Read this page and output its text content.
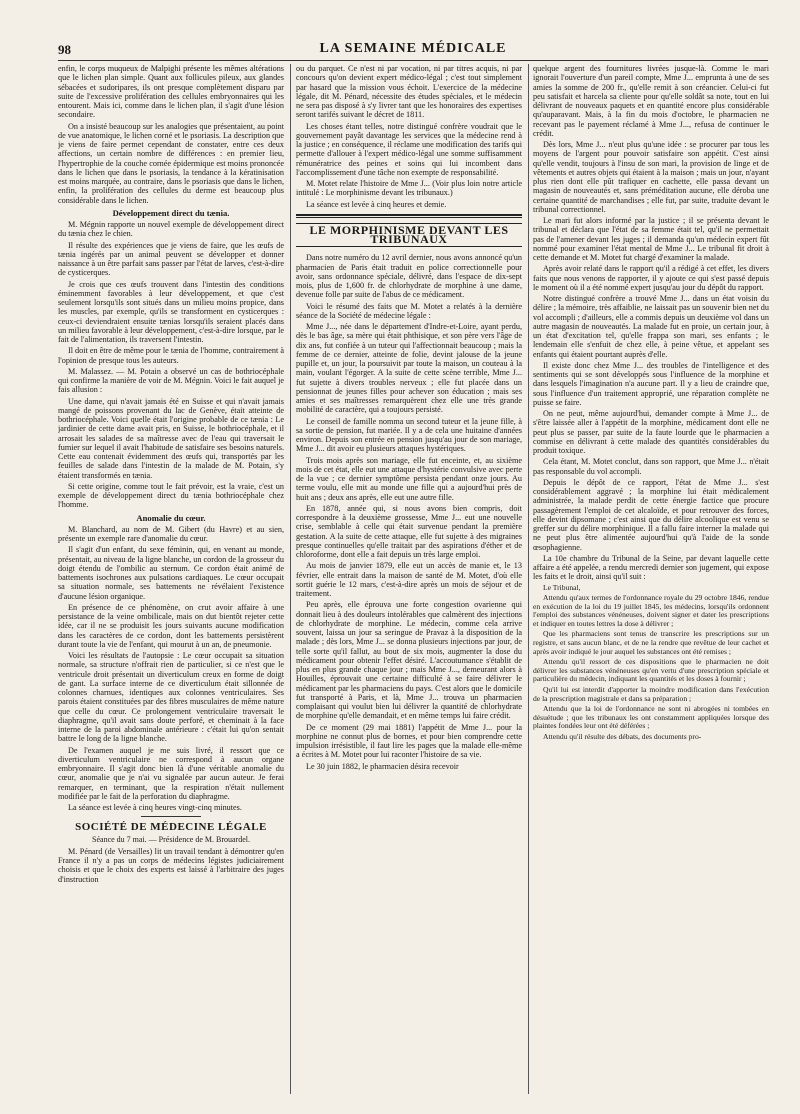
98	LA SEMAINE MÉDICALE

enfin, le corps muqueux de Malpighi présente les mêmes altérations que le lichen plan simple. Quant aux follicules pileux, aux glandes sébacées et sudoripares, ils ont presque complètement disparu par suite de l'excessive prolifération des cellules embryonnaires qui les entourent. Mais ici, comme dans le lichen plan, il s'agit d'une lésion secondaire.

On a insisté beaucoup sur les analogies que présentaient, au point de vue anatomique, le lichen corné et le psoriasis. La description que je viens de faire permet cependant de constater, entre ces deux affections, un certain nombre de différences : en premier lieu, l'hypertrophie de la couche cornée épidermique est moins prononcée dans le lichen que dans le psoriasis, la tendance à la kératinisation est moins marquée, au contraire, dans le psoriasis que dans le lichen, enfin, la prolifération des cellules du derme est beaucoup plus considérable dans le lichen.

Développement direct du tænia.

M. Mégnin rapporte un nouvel exemple de développement direct du tænia chez le chien.

Il résulte des expériences que je viens de faire, que les œufs de tænia ingérés par un animal peuvent se développer et donner naissance à un être parfait sans passer par l'état de larves, c'est-à-dire de cysticerques.

Je crois que ces œufs trouvent dans l'intestin des conditions éminemment favorables à leur développement, et que c'est seulement lorsqu'ils sont situés dans un milieu moins propice, dans les muscles, par exemple, qu'ils se transforment en cysticerques : ceux-ci deviendraient ensuite tænias lorsqu'ils seraient placés dans un milieu favorable à leur développement, c'est-à-dire lorsque, par le fait de l'alimentation, ils traversent l'intestin.

Il doit en être de même pour le tænia de l'homme, contrairement à l'opinion de presque tous les auteurs.

M. Malassez. — M. Potain a observé un cas de bothriocéphale qui confirme la manière de voir de M. Mégnin. Voici le fait auquel je fais allusion :

Une dame, qui n'avait jamais été en Suisse et qui n'avait jamais mangé de poissons provenant du lac de Genève, était atteinte de bothriocéphale. Voici quelle était l'origine probable de ce tænia : Le jardinier de cette dame avait pris, en Suisse, le bothriocéphale, et il arrosait les salades de sa maîtresse avec de l'eau qui traversait le fumier sur lequel il avait l'habitude de satisfaire ses besoins naturels. Cette eau contenait évidemment des œufs qui, transportés par les feuilles de salade dans l'intestin de la malade de M. Potain, s'y étaient transformés en tænia.

Si cette origine, comme tout le fait prévoir, est la vraie, c'est un exemple de développement direct du tænia bothriocéphale chez l'homme.

Anomalie du cœur.

M. Blanchard, au nom de M. Gibert (du Havre) et au sien, présente un exemple rare d'anomalie du cœur.

Il s'agit d'un enfant, du sexe féminin, qui, en venant au monde, présentait, au niveau de la ligne blanche, un cordon de la grosseur du doigt étendu de l'ombilic au sternum. Ce cordon était animé de battements isochrones aux pulsations cardiaques. Le cœur occupait sa situation normale, ses battements ne révélaient l'existence d'aucune lésion organique.

En présence de ce phénomène, on crut avoir affaire à une persistance de la veine ombilicale, mais on dut bientôt rejeter cette idée, car il ne se produisit les jours suivants aucune modification dans les caractères de ce cordon, dont les battements persistèrent durant toute la vie de l'enfant, qui mourut à un an, de pneumonie.

Voici les résultats de l'autopsie : Le cœur occupait sa situation normale, sa structure n'offrait rien de particulier, si ce n'est que le ventricule droit présentait un diverticulum creux en forme de doigt de gant. La surface interne de ce diverticulum était sillonnée de colonnes charnues, identiques aux colonnes ventriculaires. Ses parois étaient constituées par des fibres musculaires de même nature que celle du cœur. Ce prolongement ventriculaire traversait le diaphragme, qu'il avait sans doute perforé, et cheminait à la face interne de la paroi abdominale antérieure : c'était lui qu'on sentait battre le long de la ligne blanche.

De l'examen auquel je me suis livré, il ressort que ce diverticulum ventriculaire ne correspond à aucun organe embryonnaire. Il s'agit donc bien là d'une véritable anomalie du cœur, anomalie que je n'ai vu signalée par aucun auteur. Je ferai remarquer, en terminant, que la respiration n'était nullement modifiée par le fait de la perforation du diaphragme.

La séance est levée à cinq heures vingt-cinq minutes.

SOCIÉTÉ DE MÉDECINE LÉGALE
Séance du 7 mai. — Présidence de M. Brouardel.

M. Pénard (de Versailles) lit un travail tendant à démontrer qu'en France il n'y a pas un corps de médecins légistes judiciairement choisis et que le choix des experts est laissé à l'arbitraire des juges d'instruction

ou du parquet. Ce n'est ni par vocation, ni par titres acquis, ni par concours qu'on devient expert médico-légal ; c'est tout simplement par hasard que la mission vous échoit. L'exercice de la médecine légale, dit M. Pénard, nécessite des études spéciales, et le médecin ne sera pas disposé à s'y livrer tant que les honoraires des expertises seront tarifés suivant le décret de 1811.

Les choses étant telles, notre distingué confrère voudrait que le gouvernement payât davantage les services que la médecine rend à la justice ; en conséquence, il réclame une modification des tarifs qui permette d'allouer à l'expert médico-légal une somme suffisamment rémunératrice des peines et soins qui lui incombent dans l'accomplissement d'une tâche non exempte de responsabilité.

M. Motet relate l'histoire de Mme J... (Voir plus loin notre article intitulé : Le morphinisme devant les tribunaux.)

La séance est levée à cinq heures et demie.

LE MORPHINISME DEVANT LES TRIBUNAUX

Dans notre numéro du 12 avril dernier, nous avons annoncé qu'un pharmacien de Paris était traduit en police correctionnelle pour avoir, sans ordonnance spéciale, délivré, dans l'espace de dix-sept mois, plus de 1,600 fr. de chlorhydrate de morphine à une dame, devenue folle par suite de l'abus de ce médicament.

Voici le résumé des faits que M. Motet a relatés à la dernière séance de la Société de médecine légale :

Mme J..., née dans le département d'Indre-et-Loire, ayant perdu, dès le bas âge, sa mère qui était phthisique, et son père vers l'âge de dix ans, fut confiée à un tuteur qui l'affectionnait beaucoup ; mais la femme de ce dernier, atteinte de folie, devint jalouse de la jeune pupille et, un jour, la poursuivit par toute la maison, un couteau à la main, voulant l'égorger. A la suite de cette scène terrible, Mme J... fut sujette à divers troubles nerveux ; elle fut placée dans un pensionnat de jeunes filles pour achever son éducation ; mais ses amies et ses maîtresses remarquèrent chez elle une très grande mobilité de caractère, qui a toujours persisté.

Le conseil de famille nomma un second tuteur et la jeune fille, à sa sortie de pension, fut mariée. Il y a de cela une huitaine d'années environ. Depuis son entrée en pension jusqu'au jour de son mariage, Mme J... dit avoir eu plusieurs attaques hystériques.

Trois mois après son mariage, elle fut enceinte, et, au sixième mois de cet état, elle eut une attaque d'hystérie convulsive avec perte de la vue ; ce dernier symptôme persista pendant onze jours. Au terme voulu, elle mit au monde une fille qui a aujourd'hui près de huit ans ; deux ans après, elle eut une autre fille.

En 1878, année qui, si nous avons bien compris, doit correspondre à la deuxième grossesse, Mme J... eut une nouvelle crise, semblable à celle qui était survenue pendant la première gestation. A la suite de cette attaque, elle fut sujette à des migraines presque continuelles qu'elle traitait par des aspirations d'éther et de chloroforme, dont elle a fait depuis un très large emploi.

Au mois de janvier 1879, elle eut un accès de manie et, le 13 février, elle entrait dans la maison de santé de M. Motet, d'où elle sortit guérie le 12 mars, c'est-à-dire après un mois de séjour et de traitement.

Peu après, elle éprouva une forte congestion ovarienne qui donnait lieu à des douleurs intolérables que calmèrent des injections de chlorhydrate de morphine. Le médecin, comme cela arrive souvent, laissa un jour sa seringue de Pravaz à la disposition de la malade ; dès lors, Mme J... se donna plusieurs injections par jour, de telle sorte qu'il fallut, au bout de six mois, augmenter la dose du médicament pour obtenir l'effet désiré. L'accoutumance s'établit de plus en plus grande chaque jour ; mais Mme J..., demeurant alors à Houilles, éprouvait une certaine difficulté à se faire délivrer le médicament par les pharmaciens du pays. C'est alors que le domicile fut transporté à Paris, et là, Mme J... trouva un pharmacien complaisant qui voulut bien lui délivrer la quantité de chlorhydrate de morphine qu'elle demandait, et en même temps lui faire crédit.

De ce moment (29 mai 1881) l'appétit de Mme J... pour la morphine ne connut plus de bornes, et pour bien comprendre cette impulsion irrésistible, il faut lire les pages que la malade elle-même a écrites à M. Motet pour lui raconter l'histoire de sa vie.

Le 30 juin 1882, le pharmacien désira recevoir

quelque argent des fournitures livrées jusque-là. Comme le mari ignorait l'ouverture d'un pareil compte, Mme J... emprunta à une de ses amies la somme de 200 fr., qu'elle remit à son créancier. Celui-ci fut peu satisfait et harcela sa cliente pour qu'elle soldât sa note, tout en lui délivrant de nouveaux paquets et en quantité encore plus considérable qu'auparavant. Mais, à la fin du mois d'octobre, le pharmacien ne recevant pas le payement réclamé à Mme J..., refusa de continuer le crédit.

Dès lors, Mme J... n'eut plus qu'une idée : se procurer par tous les moyens de l'argent pour pouvoir satisfaire son appétit. C'est ainsi qu'elle vendit, toujours à l'insu de son mari, la provision de linge et de vêtements et autres objets qui étaient à la maison ; mais un jour, n'ayant plus rien dont elle pût trafiquer en cachette, elle passa devant un magasin de nouveautés et, sans préméditation aucune, elle déroba une certaine quantité de marchandises ; elle fut, par suite, traduite devant le tribunal correctionnel.

Le mari fut alors informé par la justice ; il se présenta devant le tribunal et déclara que l'état de sa femme était tel, qu'il ne permettait pas de l'amener devant les juges ; il demanda qu'un médecin expert fût nommé pour examiner l'état mental de Mme J... Le tribunal fit droit à cette demande et M. Motet fut chargé d'examiner la malade.

Après avoir relaté dans le rapport qu'il a rédigé à cet effet, les divers faits que nous venons de rapporter, il y ajoute ce qui s'est passé depuis le moment où il a été nommé expert jusqu'au jour du dépôt du rapport.

Notre distingué confrère a trouvé Mme J... dans un état voisin du délire ; la mémoire, très affaiblie, ne laissait pas un souvenir bien net du vol accompli ; d'ailleurs, elle a commis depuis un deuxième vol dans un autre magasin de nouveautés. La malade fut en proie, un certain jour, à un état d'excitation tel, qu'elle frappa son mari, ses enfants ; le lendemain elle s'enfuit de chez elle, à peine vêtue, et appelant ses enfants qui étaient pourtant auprès d'elle.

Il existe donc chez Mme J... des troubles de l'intelligence et des sentiments qui se sont développés sous l'influence de la morphine et dans lesquels l'imagination n'a aucune part. Il y a lieu de craindre que, sous l'influence d'un traitement approprié, une réparation complète ne puisse se faire.

On ne peut, même aujourd'hui, demander compte à Mme J... de s'être laissée aller à l'appétit de la morphine, médicament dont elle ne peut plus se passer, par suite de la faute lourde que le pharmacien a commise en délivrant à cette malade des quantités considérables du produit toxique.

Cela étant, M. Motet conclut, dans son rapport, que Mme J... n'était pas responsable du vol accompli.

Depuis le dépôt de ce rapport, l'état de Mme J... s'est considérablement aggravé ; la morphine lui était médicalement administrée, la malade perdit de cette énergie factice que procure passagèrement l'emploi de cet alcaloïde, et pour retrouver des forces, elle devint dipsomane ; c'est ainsi que du délire alcoolique est venu se greffer sur du délire morphinique. Il a fallu faire interner la malade qui ne peut plus être alimentée aujourd'hui qu'à l'aide de la sonde œsophagienne.

La 10e chambre du Tribunal de la Seine, par devant laquelle cette affaire a été appelée, a rendu mercredi dernier son jugement, qui expose les faits et le droit, ainsi qu'il suit :

Le Tribunal,

Attendu qu'aux termes de l'ordonnance royale du 29 octobre 1846, rendue en exécution de la loi du 19 juillet 1845, les médecins, lorsqu'ils ordonnent l'emploi des substances vénéneuses, doivent signer et dater les prescriptions et indiquer en toutes lettres la dose à délivrer ;

Que les pharmaciens sont tenus de transcrire les prescriptions sur un registre, et sans aucun blanc, et de ne la rendre que revêtue de leur cachet et après avoir indiqué le jour auquel les substances ont été remises ;

Attendu qu'il ressort de ces dispositions que le pharmacien ne doit délivrer les substances vénéneuses qu'en vertu d'une prescription spéciale et particulière du médecin, indiquant les quantités et les doses à fournir ;

Qu'il lui est interdit d'apporter la moindre modification dans l'exécution de la prescription magistrale et dans sa préparation ;

Attendu que la loi de l'ordonnance ne sont ni abrogées ni tombées en désuétude ; que les tribunaux les ont constamment appliquées lorsque des plaintes fondées leur ont été déférées ;

Attendu qu'il résulte des débats, des documents pro-
